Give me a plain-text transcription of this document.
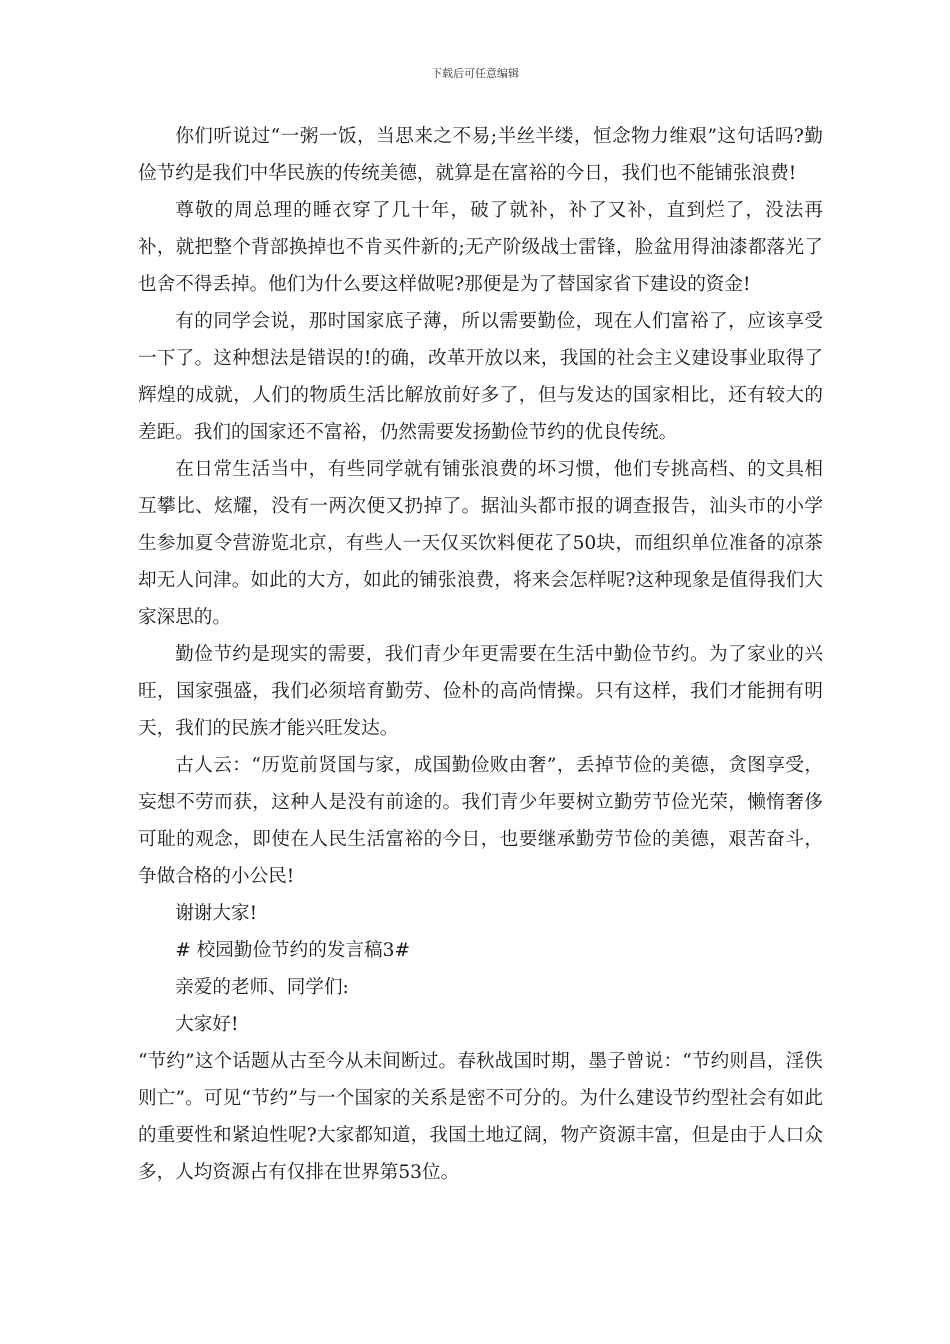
下载后可任意编辑

你们听说过“一粥一饭，当思来之不易;半丝半缕，恒念物力维艰”这句话吗?勤俭节约是我们中华民族的传统美德，就算是在富裕的今日，我们也不能铺张浪费!

尊敬的周总理的睡衣穿了几十年，破了就补，补了又补，直到烂了，没法再补，就把整个背部换掉也不肯买件新的;无产阶级战士雷锋，脸盆用得油漆都落光了也舍不得丢掉。他们为什么要这样做呢?那便是为了替国家省下建设的资金!

有的同学会说，那时国家底子薄，所以需要勤俭，现在人们富裕了，应该享受一下了。这种想法是错误的!的确，改革开放以来，我国的社会主义建设事业取得了辉煌的成就，人们的物质生活比解放前好多了，但与发达的国家相比，还有较大的差距。我们的国家还不富裕，仍然需要发扬勤俭节约的优良传统。

在日常生活当中，有些同学就有铺张浪费的坏习惯，他们专挑高档、的文具相互攀比、炫耀，没有一两次便又扔掉了。据汕头都市报的调查报告，汕头市的小学生参加夏令营游览北京，有些人一天仅买饮料便花了50块，而组织单位准备的凉茶却无人问津。如此的大方，如此的铺张浪费，将来会怎样呢?这种现象是值得我们大家深思的。

勤俭节约是现实的需要，我们青少年更需要在生活中勤俭节约。为了家业的兴旺，国家强盛，我们必须培育勤劳、俭朴的高尚情操。只有这样，我们才能拥有明天，我们的民族才能兴旺发达。

古人云：“历览前贤国与家，成国勤俭败由奢”，丢掉节俭的美德，贪图享受，妄想不劳而获，这种人是没有前途的。我们青少年要树立勤劳节俭光荣，懒惰奢侈可耻的观念，即使在人民生活富裕的今日，也要继承勤劳节俭的美德，艰苦奋斗，争做合格的小公民!

谢谢大家!

# 校园勤俭节约的发言稿3#

亲爱的老师、同学们:

大家好!

“节约”这个话题从古至今从未间断过。春秋战国时期，墨子曾说：“节约则昌，淫佚则亡”。可见“节约”与一个国家的关系是密不可分的。为什么建设节约型社会有如此的重要性和紧迫性呢?大家都知道，我国土地辽阔，物产资源丰富，但是由于人口众多，人均资源占有仅排在世界第53位。
